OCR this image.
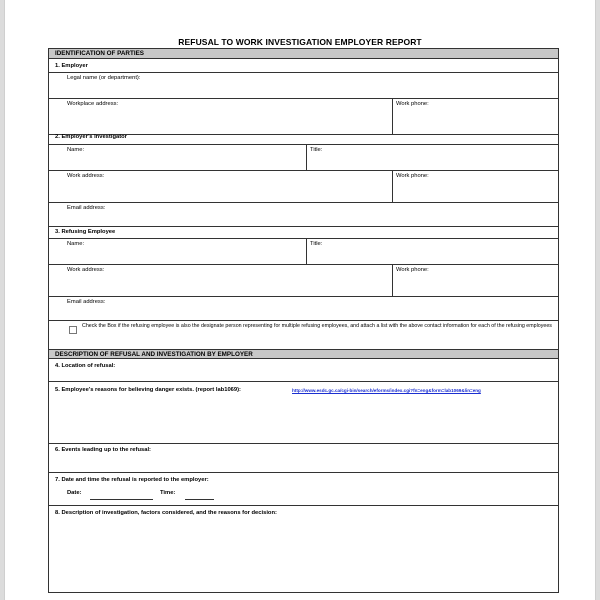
REFUSAL TO WORK INVESTIGATION EMPLOYER REPORT
IDENTIFICATION OF PARTIES
1. Employer
Legal name (or department):
Workplace address:	Work phone:
2. Employer's Investigator
Name:	Title:
Work address:	Work phone:
Email address:
3. Refusing Employee
Name:	Title:
Work address:	Work phone:
Email address:
Check the Box if the refusing employee is also the designate person representing for multiple refusing employees, and attach a list with the above contact information for each of the refusing employees
DESCRIPTION OF REFUSAL AND INVESTIGATION BY EMPLOYER
4. Location of refusal:
5. Employee's reasons for believing danger exists. (report lab1069):	http://www.esdc.gc.ca/cgi-bin/search/eforms/index.cgi?fn=eng&form=lab1069&lin=eng
6. Events leading up to the refusal:
7. Date and time the refusal is reported to the employer:
Date:	Time:
8. Description of investigation, factors considered, and the reasons for decision:
